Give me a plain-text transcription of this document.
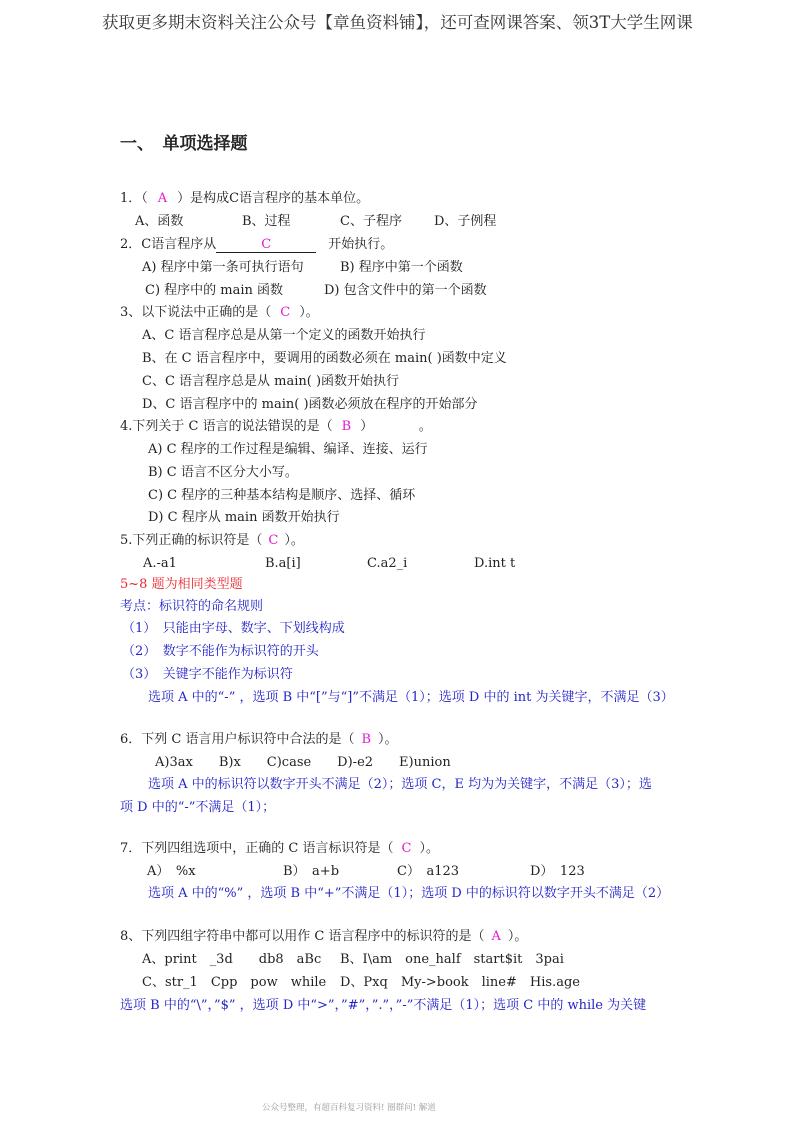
获取更多期末资料关注公众号【章鱼资料铺】，还可查网课答案、领3T大学生网课
一、　单项选择题
1．（ A ）是构成C语言程序的基本单位。
A、函数	B、过程	C、子程序 D、子例程
2．C语言程序从	C	开始执行。
A) 程序中第一条可执行语句	B) 程序中第一个函数
C) 程序中的 main 函数	D) 包含文件中的第一个函数
3、以下说法中正确的是（ C ）。
A、C 语言程序总是从第一个定义的函数开始执行
B、在 C 语言程序中，要调用的函数必须在 main( )函数中定义
C、C 语言程序总是从 main( )函数开始执行
D、C 语言程序中的 main( )函数必须放在程序的开始部分
4.下列关于 C 语言的说法错误的是（ B ）	。
A) C 程序的工作过程是编辑、编译、连接、运行
B) C 语言不区分大小写。
C) C 程序的三种基本结构是顺序、选择、循环
D) C 程序从 main 函数开始执行
5.下列正确的标识符是（ C ）。
A.-a1	B.a[i]	C.a2_i	D.int t
5~8 题为相同类型题
考点：标识符的命名规则
（1）　只能由字母、数字、下划线构成
（2）　数字不能作为标识符的开头
（3）　关键字不能作为标识符
选项 A 中的“-” ，选项 B 中“[”与“]”不满足（1）；选项 D 中的 int 为关键字，不满足（3）
6．下列 C 语言用户标识符中合法的是（ B ）。
A)3ax　　B)x　　C)case　　D)-e2　　E)union
选项 A 中的标识符以数字开头不满足（2）；选项 C，E 均为为关键字，不满足（3）；选
项 D 中的“-”不满足（1）；
7．下列四组选项中，正确的 C 语言标识符是（ C ）。
A）　%x	B）　a+b	C）　a123	D）　123
选项 A 中的“%” ，选项 B 中“+”不满足（1）；选项 D 中的标识符以数字开头不满足（2）
8、下列四组字符串中都可以用作 C 语言程序中的标识符的是（ A ）。
A、print　_3d　　db8　aBc B、I\am　one_half　start$it　3pai
C、str_1　Cpp　pow　while D、Pxq　My->book　line#　His.age
选项 B 中的“\”，”$” ，选项 D 中“>”，”#”，”.”，”-”不满足（1）；选项 C 中的 while 为关键
公众号整理，有超百科复习资料! 圈群问! 解道
